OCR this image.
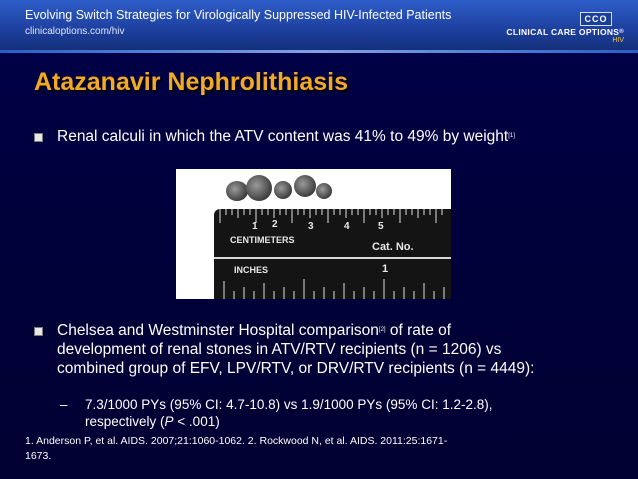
Evolving Switch Strategies for Virologically Suppressed HIV-Infected Patients
clinicaloptions.com/hiv
CCO
CLINICAL CARE OPTIONS®
HIV
Atazanavir Nephrolithiasis
Renal calculi in which the ATV content was 41% to 49% by weight[1]
1 2	3	4	5
CENTIMETERS
Cat. No.
INCHES	1
Chelsea and Westminster Hospital comparison[2] of rate of
development of renal stones in ATV/RTV recipients (n = 1206) vs
combined group of EFV, LPV/RTV, or DRV/RTV recipients (n = 4449):
– 7.3/1000 PYs (95% CI: 4.7-10.8) vs 1.9/1000 PYs (95% CI: 1.2-2.8),
respectively (P < .001)
1. Anderson P, et al. AIDS. 2007;21:1060-1062. 2. Rockwood N, et al. AIDS. 2011:25:1671-
1673.
